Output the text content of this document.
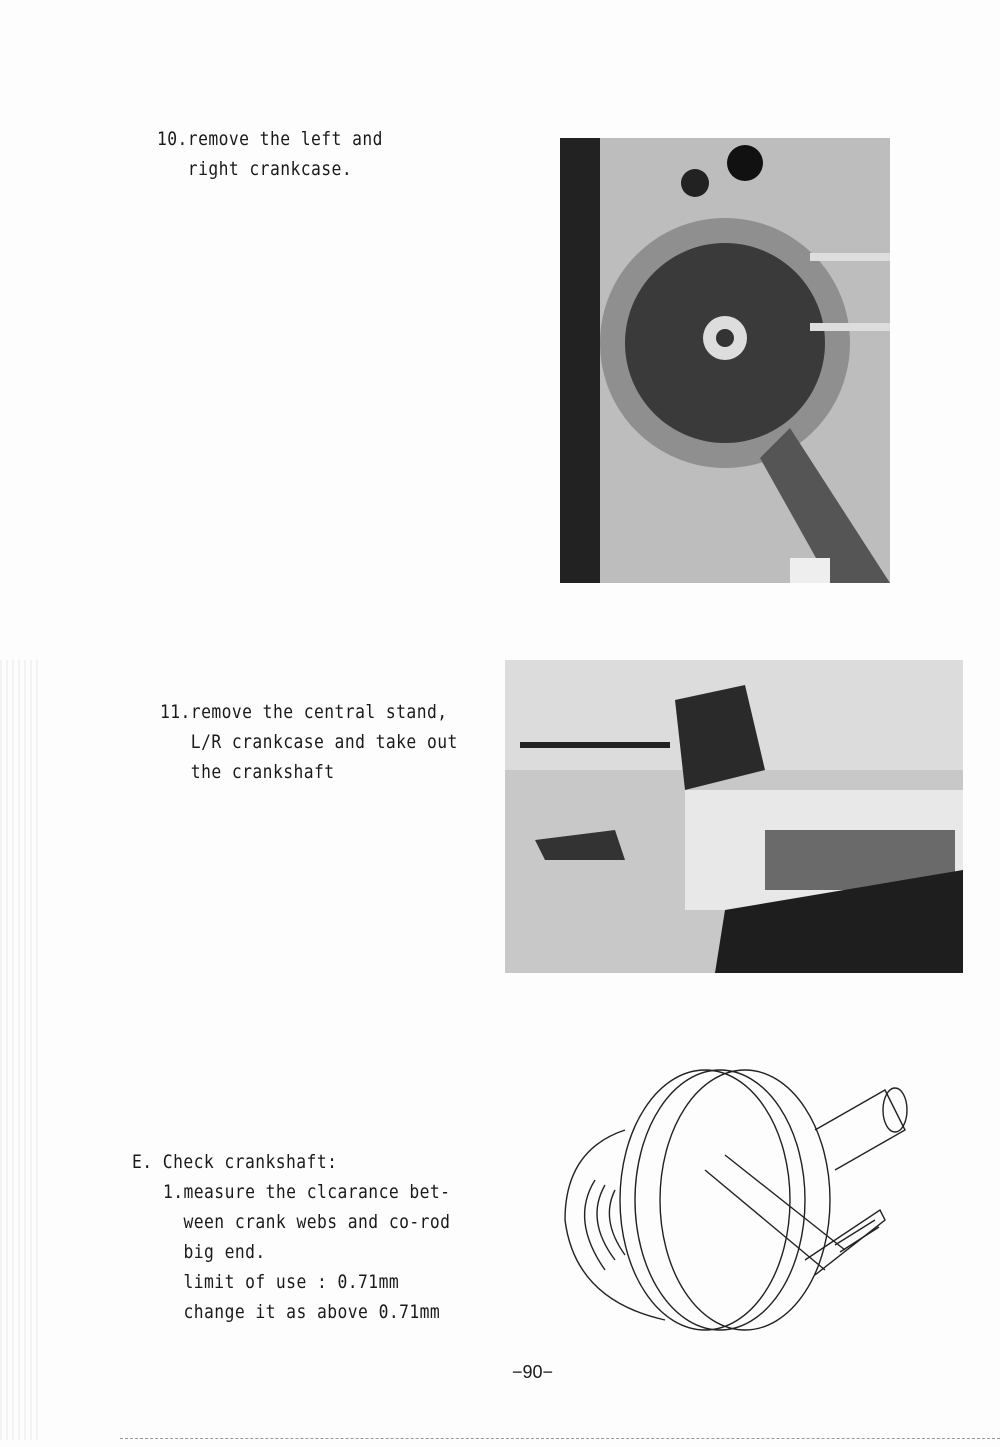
10.remove the left and
right crankcase.
11.remove the central stand,
L/R crankcase and take out
the crankshaft
E. Check crankshaft:
1.measure the clcarance bet-
ween crank webs and co-rod
big end.
limit of use : 0.71mm
change it as above 0.71mm
−90−
